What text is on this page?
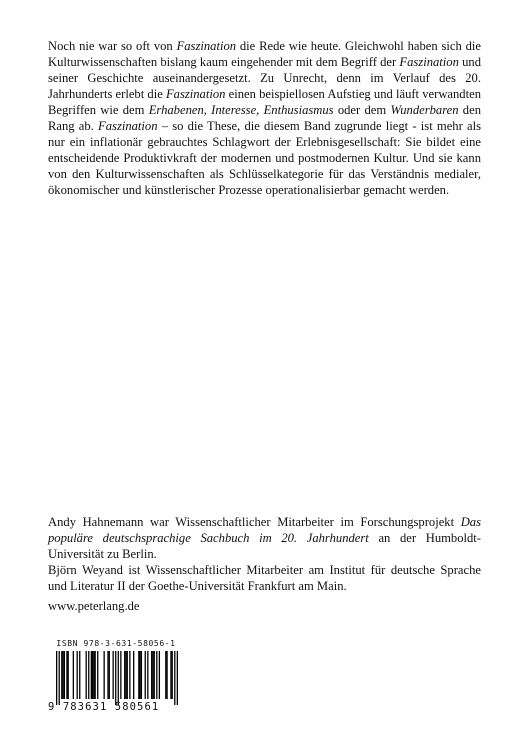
Noch nie war so oft von Faszination die Rede wie heute. Gleichwohl haben sich die Kulturwissenschaften bislang kaum eingehender mit dem Begriff der Faszination und seiner Geschichte auseinandergesetzt. Zu Unrecht, denn im Verlauf des 20. Jahrhunderts erlebt die Faszination einen beispiellosen Aufstieg und läuft verwandten Begriffen wie dem Erhabenen, Interesse, Enthusiasmus oder dem Wunderbaren den Rang ab. Faszination – so die These, die diesem Band zugrunde liegt - ist mehr als nur ein inflationär gebrauchtes Schlagwort der Erlebnisgesellschaft: Sie bildet eine entscheidende Produktivkraft der modernen und postmodernen Kultur. Und sie kann von den Kulturwissenschaften als Schlüsselkategorie für das Verständnis medialer, ökonomischer und künstlerischer Prozesse operationalisierbar gemacht werden.

Andy Hahnemann war Wissenschaftlicher Mitarbeiter im Forschungsprojekt Das populäre deutschsprachige Sachbuch im 20. Jahrhundert an der Humboldt-Universität zu Berlin.

Björn Weyand ist Wissenschaftlicher Mitarbeiter am Institut für deutsche Sprache und Literatur II der Goethe-Universität Frankfurt am Main.

www.peterlang.de
ISBN 978-3-631-58056-1
9 783631 580561
